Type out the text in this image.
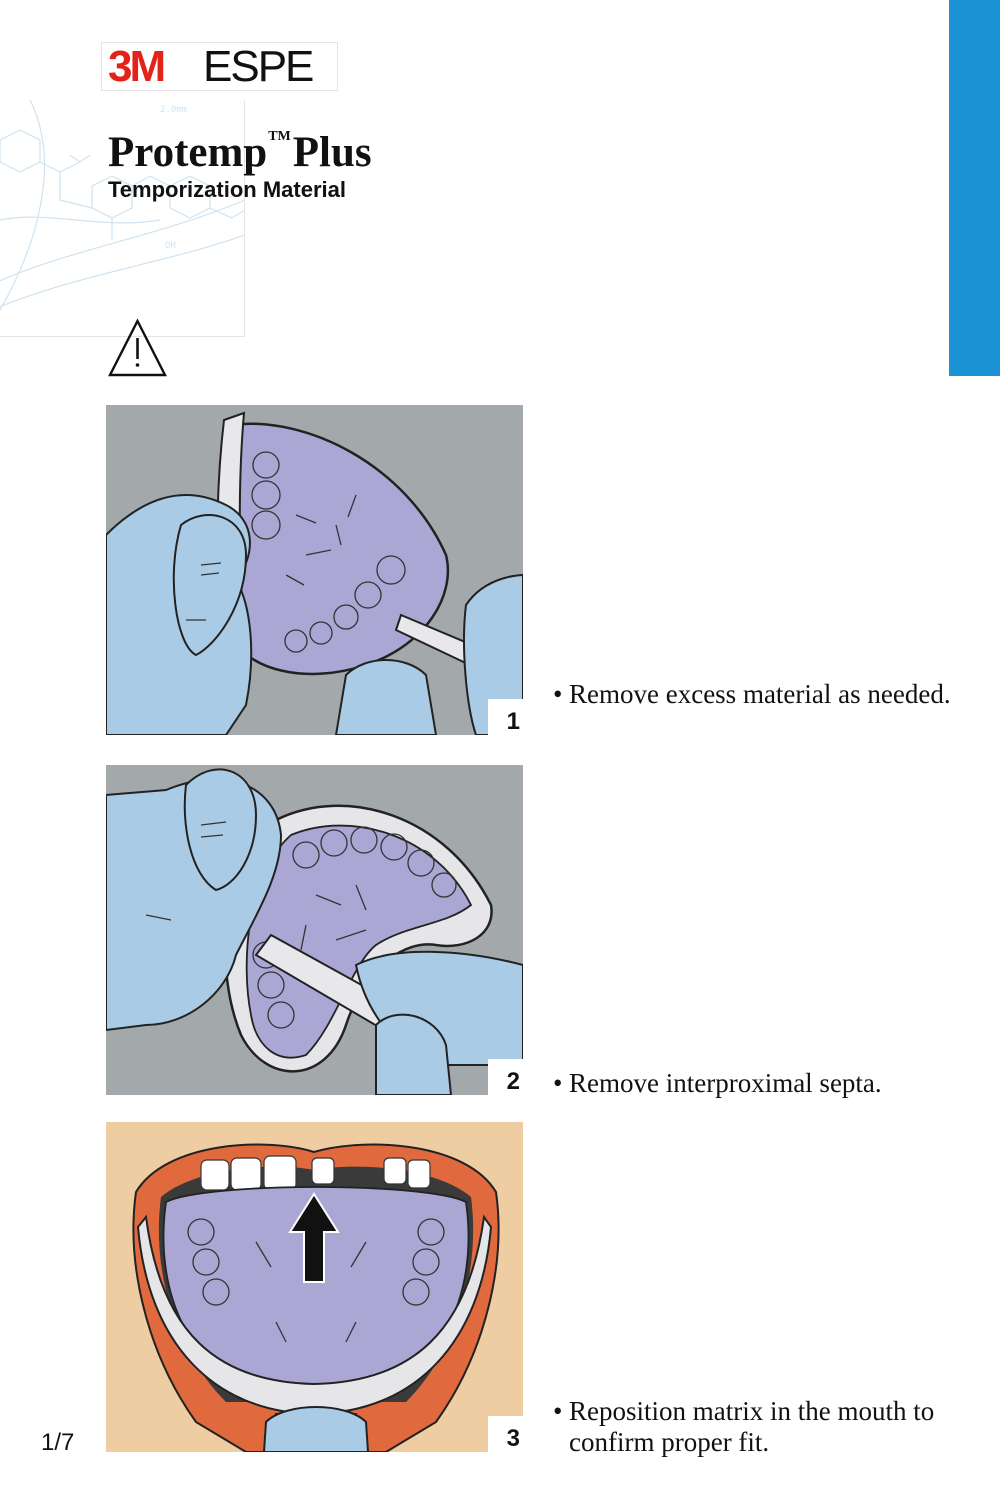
2.0mm
OH
3M ESPE
Protemp™Plus
Temporization Material
1
2
3
• Remove excess material as needed.
• Remove interproximal septa.
• Reposition matrix in the mouth to confirm proper fit.
1/7
